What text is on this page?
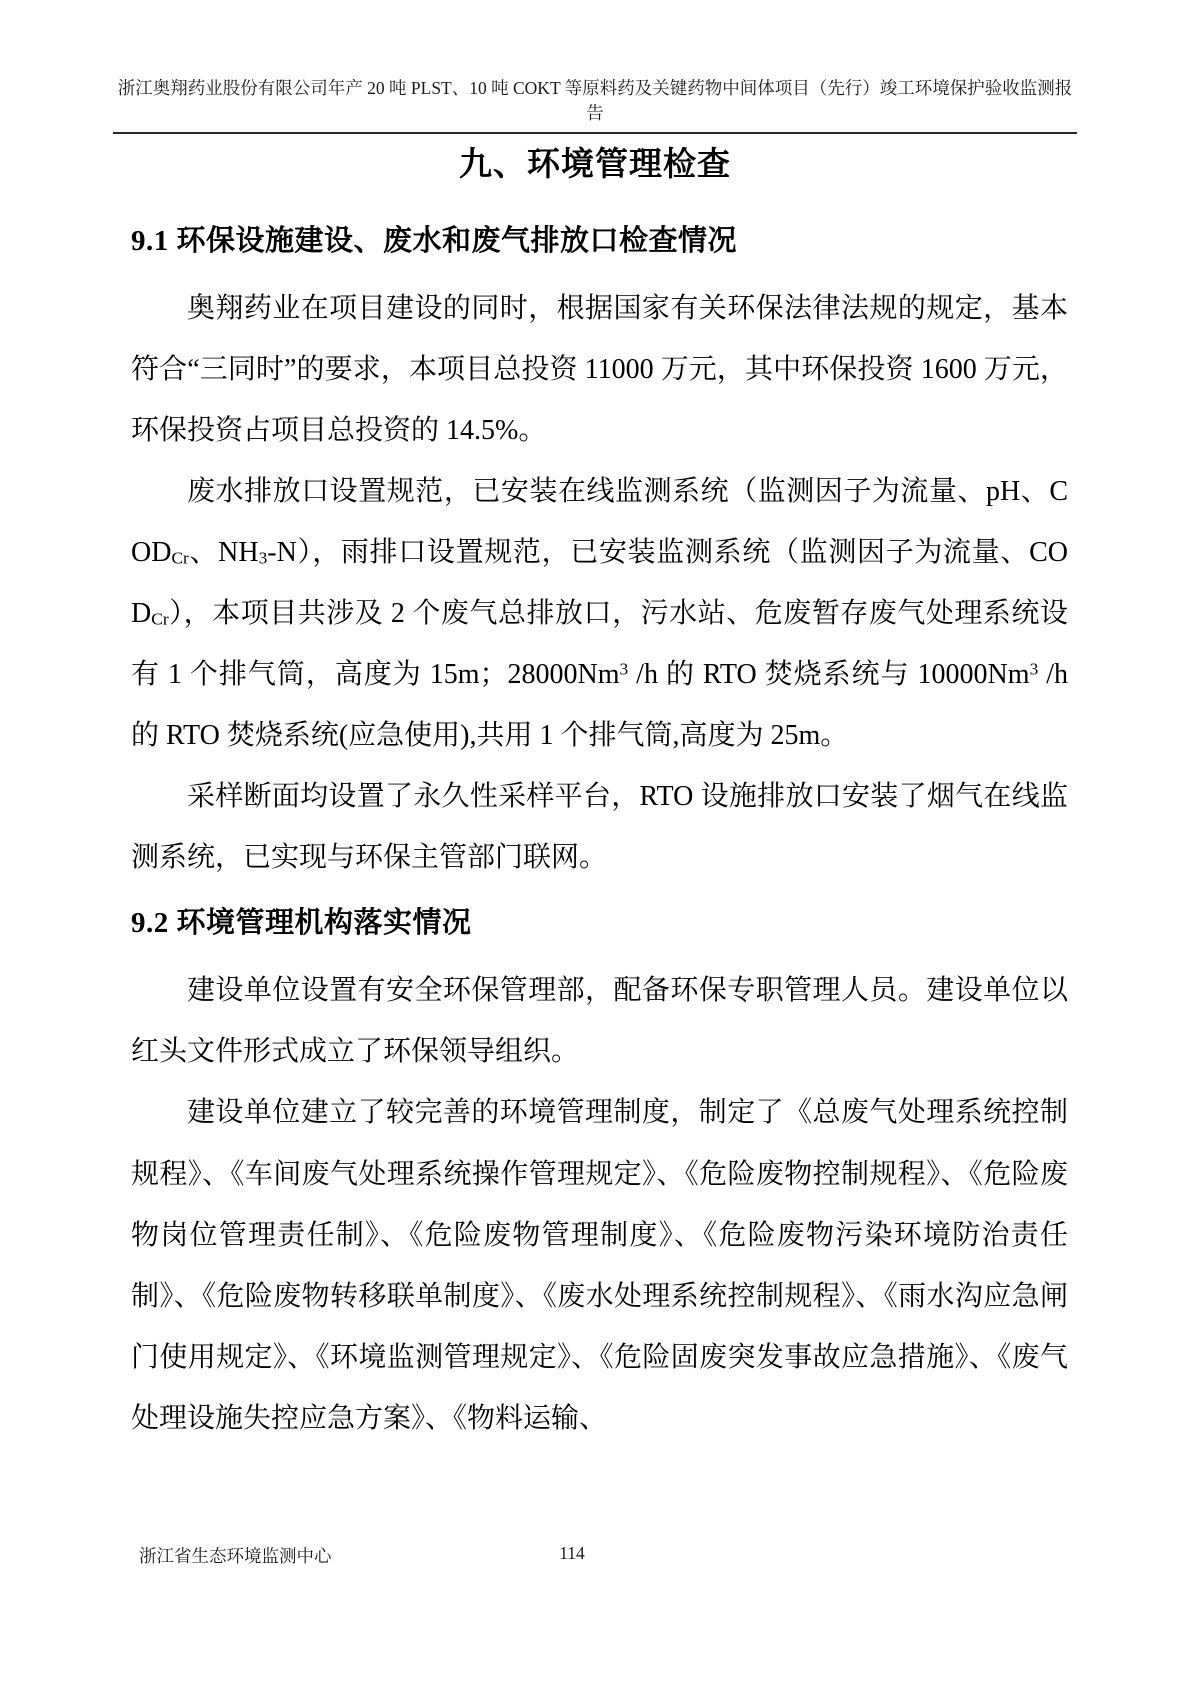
浙江奥翔药业股份有限公司年产 20 吨 PLST、10 吨 COKT 等原料药及关键药物中间体项目（先行）竣工环境保护验收监测报告
九、环境管理检查
9.1 环保设施建设、废水和废气排放口检查情况

奥翔药业在项目建设的同时，根据国家有关环保法律法规的规定，基本符合“三同时”的要求，本项目总投资 11000 万元，其中环保投资 1600 万元，环保投资占项目总投资的 14.5%。

废水排放口设置规范，已安装在线监测系统（监测因子为流量、pH、$COD_{Cr}$、$NH_3-N$），雨排口设置规范，已安装监测系统（监测因子为流量、$COD_{Cr}$），本项目共涉及 2 个废气总排放口，污水站、危废暂存废气处理系统设有 1 个排气筒，高度为 15m；28000Nm$^3$ /h 的 RTO 焚烧系统与 10000Nm$^3$ /h 的 RTO 焚烧系统(应急使用),共用 1 个排气筒,高度为 25m。

采样断面均设置了永久性采样平台，RTO 设施排放口安装了烟气在线监测系统，已实现与环保主管部门联网。

9.2 环境管理机构落实情况

建设单位设置有安全环保管理部，配备环保专职管理人员。建设单位以红头文件形式成立了环保领导组织。

建设单位建立了较完善的环境管理制度，制定了《总废气处理系统控制规程》、《车间废气处理系统操作管理规定》、《危险废物控制规程》、《危险废物岗位管理责任制》、《危险废物管理制度》、《危险废物污染环境防治责任制》、《危险废物转移联单制度》、《废水处理系统控制规程》、《雨水沟应急闸门使用规定》、《环境监测管理规定》、《危险固废突发事故应急措施》、《废气处理设施失控应急方案》、《物料运输、

114
浙江省生态环境监测中心
